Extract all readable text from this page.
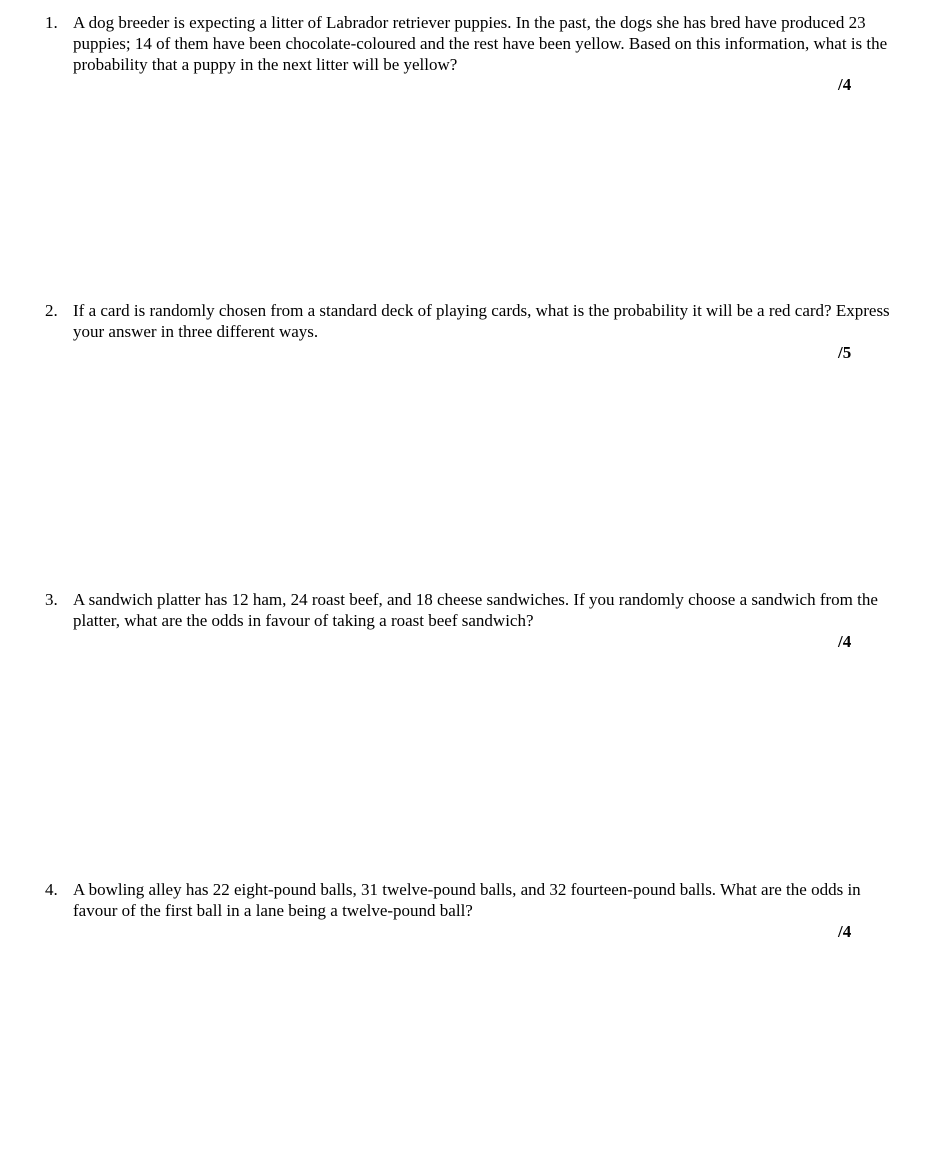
1. A dog breeder is expecting a litter of Labrador retriever puppies. In the past, the dogs she has bred have produced 23 puppies; 14 of them have been chocolate-coloured and the rest have been yellow. Based on this information, what is the probability that a puppy in the next litter will be yellow?

/4
2. If a card is randomly chosen from a standard deck of playing cards, what is the probability it will be a red card? Express your answer in three different ways.

/5
3. A sandwich platter has 12 ham, 24 roast beef, and 18 cheese sandwiches. If you randomly choose a sandwich from the platter, what are the odds in favour of taking a roast beef sandwich?

/4
4. A bowling alley has 22 eight-pound balls, 31 twelve-pound balls, and 32 fourteen-pound balls. What are the odds in favour of the first ball in a lane being a twelve-pound ball?

/4
